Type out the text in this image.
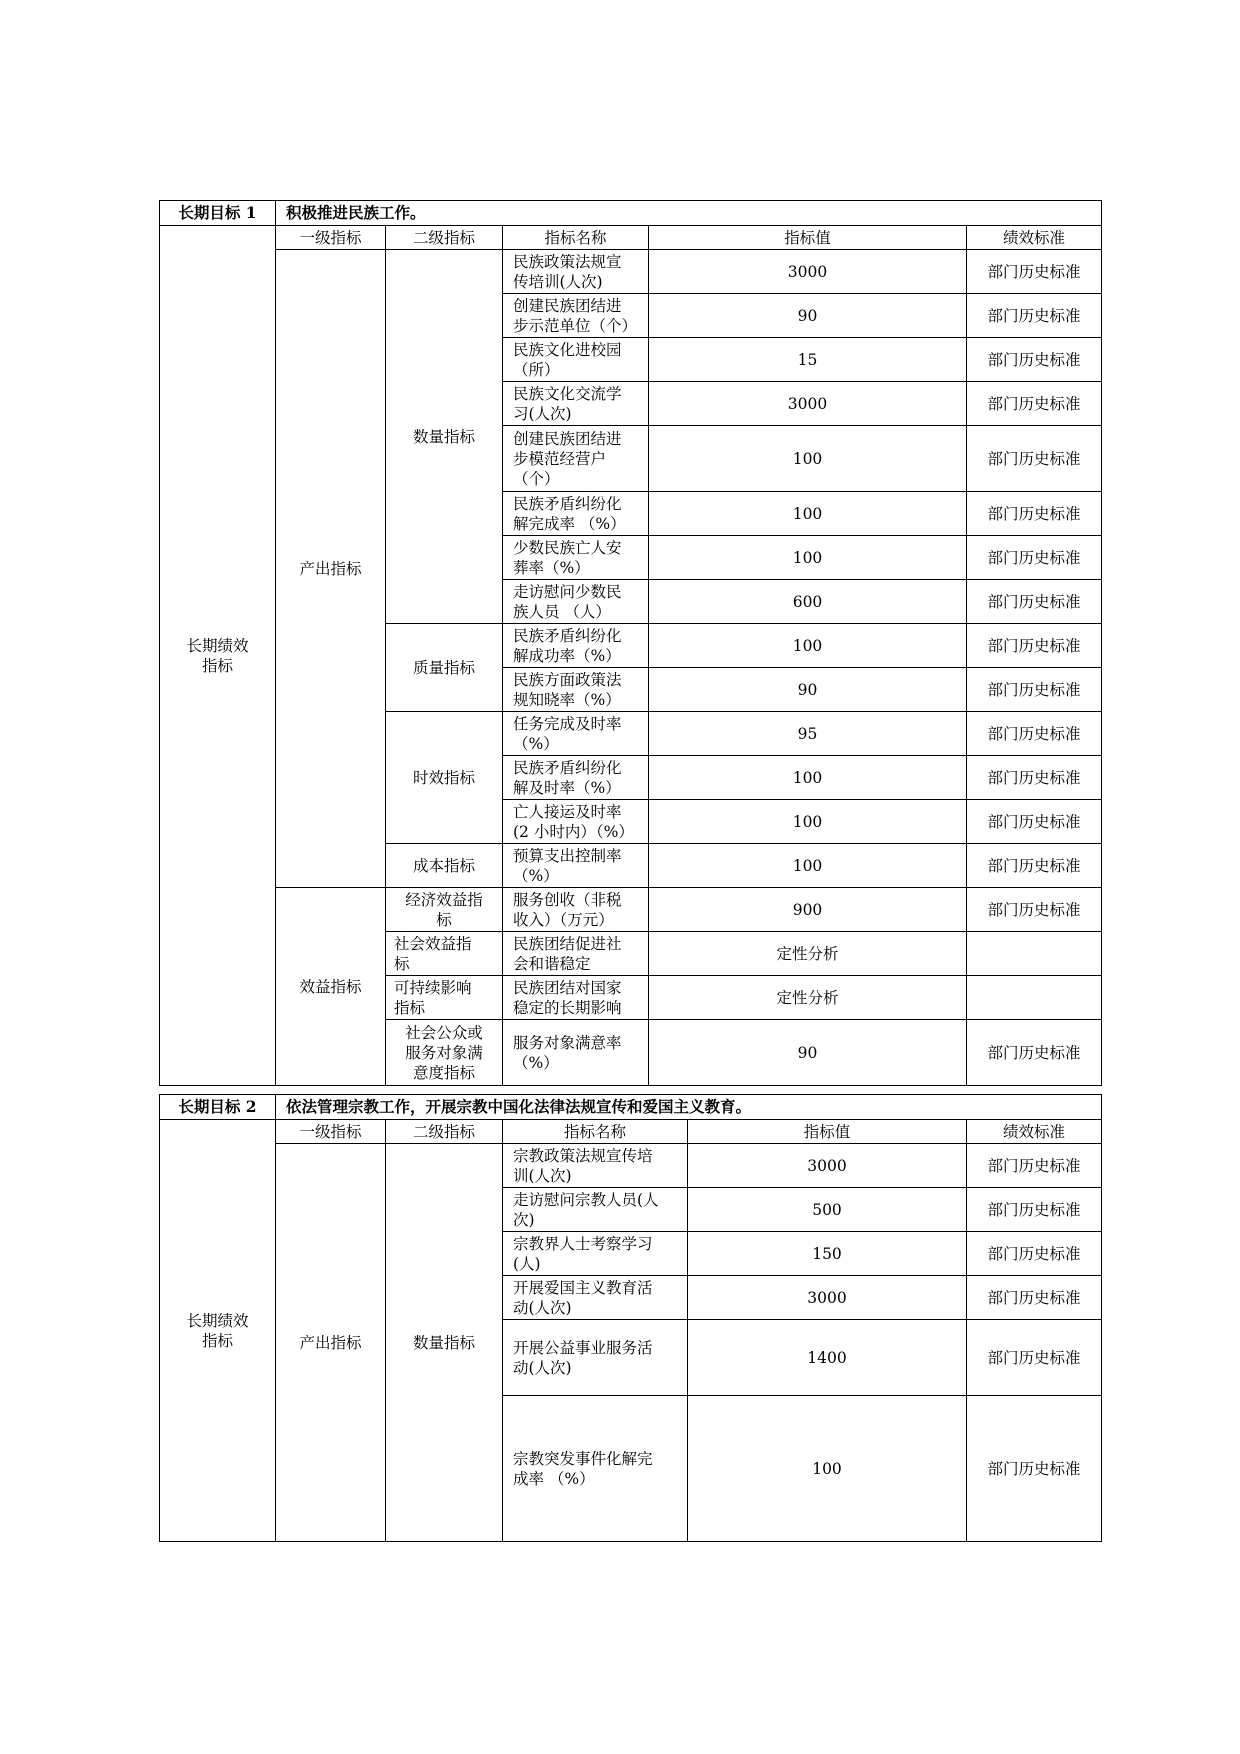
长期目标 1	积极推进民族工作。				
长期绩效
指标	一级指标	二级指标	指标名称	指标值	绩效标准
	产出指标	数量指标	民族政策法规宣
传培训(人次)	3000	部门历史标准
			创建民族团结进
步示范单位（个）	90	部门历史标准
			民族文化进校园
（所）	15	部门历史标准
			民族文化交流学
习(人次)	3000	部门历史标准
			创建民族团结进
步模范经营户
（个）	100	部门历史标准
			民族矛盾纠纷化
解完成率 （%）	100	部门历史标准
			少数民族亡人安
葬率（%）	100	部门历史标准
			走访慰问少数民
族人员 （人）	600	部门历史标准
		质量指标	民族矛盾纠纷化
解成功率（%）	100	部门历史标准
			民族方面政策法
规知晓率（%）	90	部门历史标准
		时效指标	任务完成及时率
（%）	95	部门历史标准
			民族矛盾纠纷化
解及时率（%）	100	部门历史标准
			亡人接运及时率
(2 小时内）（%）	100	部门历史标准
		成本指标	预算支出控制率
（%）	100	部门历史标准
	效益指标	经济效益指
标	服务创收（非税
收入）（万元）	900	部门历史标准
		社会效益指
标	民族团结促进社
会和谐稳定	定性分析	
		可持续影响
指标	民族团结对国家
稳定的长期影响	定性分析	
		社会公众或
服务对象满
意度指标	服务对象满意率
（%）	90	部门历史标准
长期目标 2	依法管理宗教工作，开展宗教中国化法律法规宣传和爱国主义教育。				
长期绩效
指标	一级指标	二级指标	指标名称	指标值	绩效标准
	产出指标	数量指标	宗教政策法规宣传培
训(人次)	3000	部门历史标准
			走访慰问宗教人员(人
次)	500	部门历史标准
			宗教界人士考察学习
(人)	150	部门历史标准
			开展爱国主义教育活
动(人次)	3000	部门历史标准
			开展公益事业服务活
动(人次)	1400	部门历史标准
			宗教突发事件化解完
成率 （%）	100	部门历史标准
